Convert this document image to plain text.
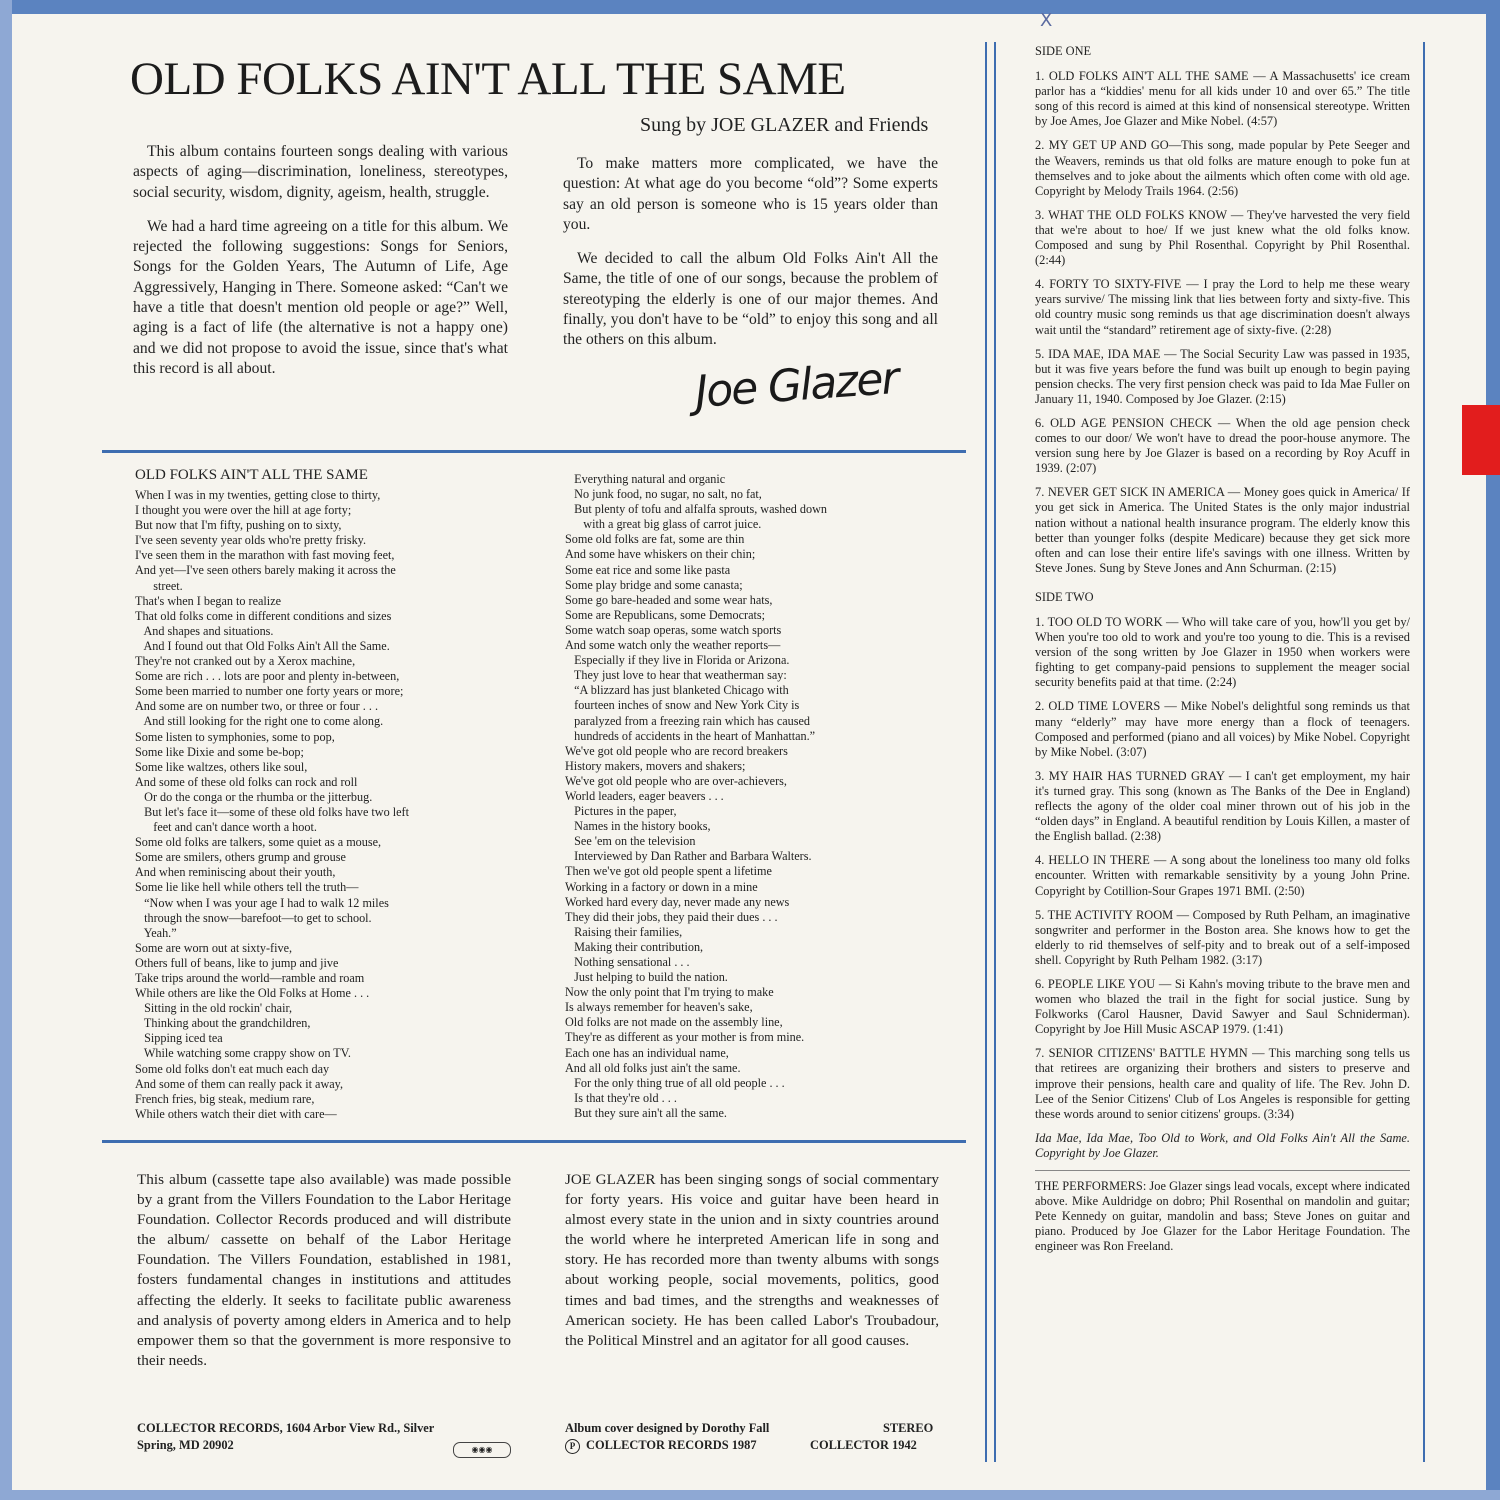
X
OLD FOLKS AIN'T ALL THE SAME
Sung by JOE GLAZER and Friends

This album contains fourteen songs dealing with various aspects of aging—discrimination, loneliness, stereotypes, social security, wisdom, dignity, ageism, health, struggle.

We had a hard time agreeing on a title for this album. We rejected the following suggestions: Songs for Seniors, Songs for the Golden Years, The Autumn of Life, Age Aggressively, Hanging in There. Someone asked: “Can't we have a title that doesn't mention old people or age?” Well, aging is a fact of life (the alternative is not a happy one) and we did not propose to avoid the issue, since that's what this record is all about.

To make matters more complicated, we have the question: At what age do you become “old”? Some experts say an old person is someone who is 15 years older than you.

We decided to call the album Old Folks Ain't All the Same, the title of one of our songs, because the problem of stereotyping the elderly is one of our major themes. And finally, you don't have to be “old” to enjoy this song and all the others on this album.

Joe Glazer
OLD FOLKS AIN'T ALL THE SAME
When I was in my twenties, getting close to thirty,
I thought you were over the hill at age forty;
But now that I'm fifty, pushing on to sixty,
I've seen seventy year olds who're pretty frisky.
I've seen them in the marathon with fast moving feet,
And yet—I've seen others barely making it across the
street.
That's when I began to realize
That old folks come in different conditions and sizes
And shapes and situations.
And I found out that Old Folks Ain't All the Same.
They're not cranked out by a Xerox machine,
Some are rich . . . lots are poor and plenty in-between,
Some been married to number one forty years or more;
And some are on number two, or three or four . . .
And still looking for the right one to come along.
Some listen to symphonies, some to pop,
Some like Dixie and some be-bop;
Some like waltzes, others like soul,
And some of these old folks can rock and roll
Or do the conga or the rhumba or the jitterbug.
But let's face it—some of these old folks have two left
feet and can't dance worth a hoot.
Some old folks are talkers, some quiet as a mouse,
Some are smilers, others grump and grouse
And when reminiscing about their youth,
Some lie like hell while others tell the truth—
“Now when I was your age I had to walk 12 miles
through the snow—barefoot—to get to school.
Yeah.”
Some are worn out at sixty-five,
Others full of beans, like to jump and jive
Take trips around the world—ramble and roam
While others are like the Old Folks at Home . . .
Sitting in the old rockin' chair,
Thinking about the grandchildren,
Sipping iced tea
While watching some crappy show on TV.
Some old folks don't eat much each day
And some of them can really pack it away,
French fries, big steak, medium rare,
While others watch their diet with care—
Everything natural and organic
No junk food, no sugar, no salt, no fat,
But plenty of tofu and alfalfa sprouts, washed down
with a great big glass of carrot juice.
Some old folks are fat, some are thin
And some have whiskers on their chin;
Some eat rice and some like pasta
Some play bridge and some canasta;
Some go bare-headed and some wear hats,
Some are Republicans, some Democrats;
Some watch soap operas, some watch sports
And some watch only the weather reports—
Especially if they live in Florida or Arizona.
They just love to hear that weatherman say:
“A blizzard has just blanketed Chicago with
fourteen inches of snow and New York City is
paralyzed from a freezing rain which has caused
hundreds of accidents in the heart of Manhattan.”
We've got old people who are record breakers
History makers, movers and shakers;
We've got old people who are over-achievers,
World leaders, eager beavers . . .
Pictures in the paper,
Names in the history books,
See 'em on the television
Interviewed by Dan Rather and Barbara Walters.
Then we've got old people spent a lifetime
Working in a factory or down in a mine
Worked hard every day, never made any news
They did their jobs, they paid their dues . . .
Raising their families,
Making their contribution,
Nothing sensational . . .
Just helping to build the nation.
Now the only point that I'm trying to make
Is always remember for heaven's sake,
Old folks are not made on the assembly line,
They're as different as your mother is from mine.
Each one has an individual name,
And all old folks just ain't the same.
For the only thing true of all old people . . .
Is that they're old . . .
But they sure ain't all the same.
This album (cassette tape also available) was made possible by a grant from the Villers Foundation to the Labor Heritage Foundation. Collector Records produced and will distribute the album/ cassette on behalf of the Labor Heritage Foundation. The Villers Foundation, established in 1981, fosters fundamental changes in institutions and attitudes affecting the elderly. It seeks to facilitate public awareness and analysis of poverty among elders in America and to help empower them so that the government is more responsive to their needs.
JOE GLAZER has been singing songs of social commentary for forty years. His voice and guitar have been heard in almost every state in the union and in sixty countries around the world where he interpreted American life in song and story. He has recorded more than twenty albums with songs about working people, social movements, politics, good times and bad times, and the strengths and weaknesses of American society. He has been called Labor's Troubadour, the Political Minstrel and an agitator for all good causes.
COLLECTOR RECORDS, 1604 Arbor View Rd., Silver
Spring, MD 20902	◉◉◉
Album cover designed by Dorothy Fall	STEREO
P COLLECTOR RECORDS 1987	COLLECTOR 1942
SIDE ONE
1. OLD FOLKS AIN'T ALL THE SAME — A Massachusetts' ice cream parlor has a “kiddies' menu for all kids under 10 and over 65.” The title song of this record is aimed at this kind of nonsensical stereotype. Written by Joe Ames, Joe Glazer and Mike Nobel. (4:57)
2. MY GET UP AND GO—This song, made popular by Pete Seeger and the Weavers, reminds us that old folks are mature enough to poke fun at themselves and to joke about the ailments which often come with old age. Copyright by Melody Trails 1964. (2:56)
3. WHAT THE OLD FOLKS KNOW — They've harvested the very field that we're about to hoe/ If we just knew what the old folks know. Composed and sung by Phil Rosenthal. Copyright by Phil Rosenthal. (2:44)
4. FORTY TO SIXTY-FIVE — I pray the Lord to help me these weary years survive/ The missing link that lies between forty and sixty-five. This old country music song reminds us that age discrimination doesn't always wait until the “standard” retirement age of sixty-five. (2:28)
5. IDA MAE, IDA MAE — The Social Security Law was passed in 1935, but it was five years before the fund was built up enough to begin paying pension checks. The very first pension check was paid to Ida Mae Fuller on January 11, 1940. Composed by Joe Glazer. (2:15)
6. OLD AGE PENSION CHECK — When the old age pension check comes to our door/ We won't have to dread the poor-house anymore. The version sung here by Joe Glazer is based on a recording by Roy Acuff in 1939. (2:07)
7. NEVER GET SICK IN AMERICA — Money goes quick in America/ If you get sick in America. The United States is the only major industrial nation without a national health insurance program. The elderly know this better than younger folks (despite Medicare) because they get sick more often and can lose their entire life's savings with one illness. Written by Steve Jones. Sung by Steve Jones and Ann Schurman. (2:15)
SIDE TWO
1. TOO OLD TO WORK — Who will take care of you, how'll you get by/ When you're too old to work and you're too young to die. This is a revised version of the song written by Joe Glazer in 1950 when workers were fighting to get company-paid pensions to supplement the meager social security benefits paid at that time. (2:24)
2. OLD TIME LOVERS — Mike Nobel's delightful song reminds us that many “elderly” may have more energy than a flock of teenagers. Composed and performed (piano and all voices) by Mike Nobel. Copyright by Mike Nobel. (3:07)
3. MY HAIR HAS TURNED GRAY — I can't get employment, my hair it's turned gray. This song (known as The Banks of the Dee in England) reflects the agony of the older coal miner thrown out of his job in the “olden days” in England. A beautiful rendition by Louis Killen, a master of the English ballad. (2:38)
4. HELLO IN THERE — A song about the loneliness too many old folks encounter. Written with remarkable sensitivity by a young John Prine. Copyright by Cotillion-Sour Grapes 1971 BMI. (2:50)
5. THE ACTIVITY ROOM — Composed by Ruth Pelham, an imaginative songwriter and performer in the Boston area. She knows how to get the elderly to rid themselves of self-pity and to break out of a self-imposed shell. Copyright by Ruth Pelham 1982. (3:17)
6. PEOPLE LIKE YOU — Si Kahn's moving tribute to the brave men and women who blazed the trail in the fight for social justice. Sung by Folkworks (Carol Hausner, David Sawyer and Saul Schniderman). Copyright by Joe Hill Music ASCAP 1979. (1:41)
7. SENIOR CITIZENS' BATTLE HYMN — This marching song tells us that retirees are organizing their brothers and sisters to preserve and improve their pensions, health care and quality of life. The Rev. John D. Lee of the Senior Citizens' Club of Los Angeles is responsible for getting these words around to senior citizens' groups. (3:34)
Ida Mae, Ida Mae, Too Old to Work, and Old Folks Ain't All the Same. Copyright by Joe Glazer.
THE PERFORMERS: Joe Glazer sings lead vocals, except where indicated above. Mike Auldridge on dobro; Phil Rosenthal on mandolin and guitar; Pete Kennedy on guitar, mandolin and bass; Steve Jones on guitar and piano. Produced by Joe Glazer for the Labor Heritage Foundation. The engineer was Ron Freeland.
